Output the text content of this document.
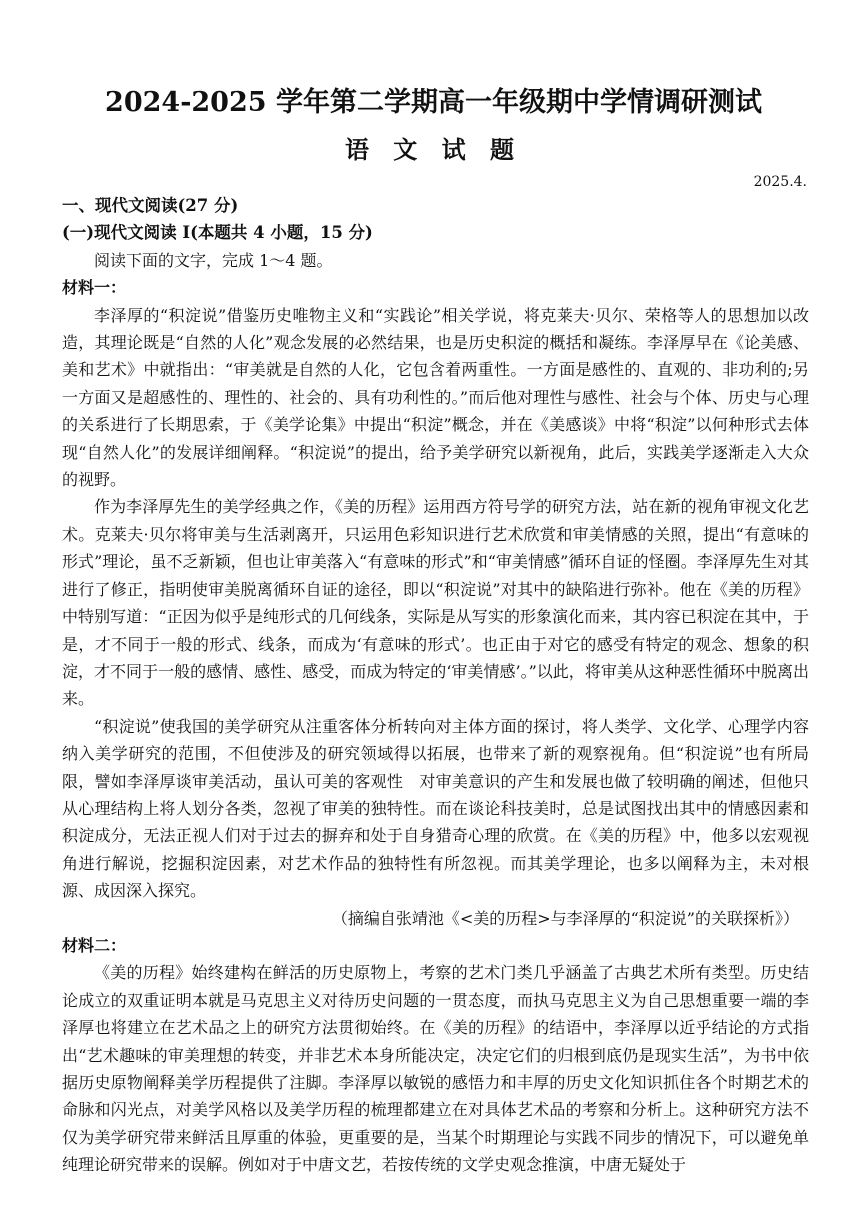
2024-2025 学年第二学期高一年级期中学情调研测试
语 文 试 题
2025.4.
一、现代文阅读(27 分)
(一)现代文阅读 I(本题共 4 小题，15 分)

阅读下面的文字，完成 1～4 题。

材料一：

李泽厚的“积淀说”借鉴历史唯物主义和“实践论”相关学说，将克莱夫·贝尔、荣格等人的思想加以改造，其理论既是“自然的人化”观念发展的必然结果，也是历史积淀的概括和凝练。李泽厚早在《论美感、美和艺术》中就指出：“审美就是自然的人化，它包含着两重性。一方面是感性的、直观的、非功利的;另一方面又是超感性的、理性的、社会的、具有功利性的。”而后他对理性与感性、社会与个体、历史与心理的关系进行了长期思索，于《美学论集》中提出“积淀”概念，并在《美感谈》中将“积淀”以何种形式去体现“自然人化”的发展详细阐释。“积淀说”的提出，给予美学研究以新视角，此后，实践美学逐渐走入大众的视野。

作为李泽厚先生的美学经典之作，《美的历程》运用西方符号学的研究方法，站在新的视角审视文化艺术。克莱夫·贝尔将审美与生活剥离开，只运用色彩知识进行艺术欣赏和审美情感的关照，提出“有意味的形式”理论，虽不乏新颖，但也让审美落入“有意味的形式”和“审美情感”循环自证的怪圈。李泽厚先生对其进行了修正，指明使审美脱离循环自证的途径，即以“积淀说”对其中的缺陷进行弥补。他在《美的历程》中特别写道：“正因为似乎是纯形式的几何线条，实际是从写实的形象演化而来，其内容已积淀在其中，于是，才不同于一般的形式、线条，而成为‘有意味的形式’。也正由于对它的感受有特定的观念、想象的积淀，才不同于一般的感情、感性、感受，而成为特定的‘审美情感’。”以此，将审美从这种恶性循环中脱离出来。

“积淀说”使我国的美学研究从注重客体分析转向对主体方面的探讨，将人类学、文化学、心理学内容纳入美学研究的范围，不但使涉及的研究领域得以拓展，也带来了新的观察视角。但“积淀说”也有所局限，譬如李泽厚谈审美活动，虽认可美的客观性　对审美意识的产生和发展也做了较明确的阐述，但他只从心理结构上将人划分各类，忽视了审美的独特性。而在谈论科技美时，总是试图找出其中的情感因素和积淀成分，无法正视人们对于过去的摒弃和处于自身猎奇心理的欣赏。在《美的历程》中，他多以宏观视角进行解说，挖掘积淀因素，对艺术作品的独特性有所忽视。而其美学理论，也多以阐释为主，未对根源、成因深入探究。

（摘编自张靖池《<美的历程>与李泽厚的“积淀说”的关联探析》）

材料二：

《美的历程》始终建构在鲜活的历史原物上，考察的艺术门类几乎涵盖了古典艺术所有类型。历史结论成立的双重证明本就是马克思主义对待历史问题的一贯态度，而执马克思主义为自己思想重要一端的李泽厚也将建立在艺术品之上的研究方法贯彻始终。在《美的历程》的结语中，李泽厚以近乎结论的方式指出“艺术趣味的审美理想的转变，并非艺术本身所能决定，决定它们的归根到底仍是现实生活”，为书中依据历史原物阐释美学历程提供了注脚。李泽厚以敏锐的感悟力和丰厚的历史文化知识抓住各个时期艺术的命脉和闪光点，对美学风格以及美学历程的梳理都建立在对具体艺术品的考察和分析上。这种研究方法不仅为美学研究带来鲜活且厚重的体验，更重要的是，当某个时期理论与实践不同步的情况下，可以避免单纯理论研究带来的误解。例如对于中唐文艺，若按传统的文学史观念推演，中唐无疑处于
